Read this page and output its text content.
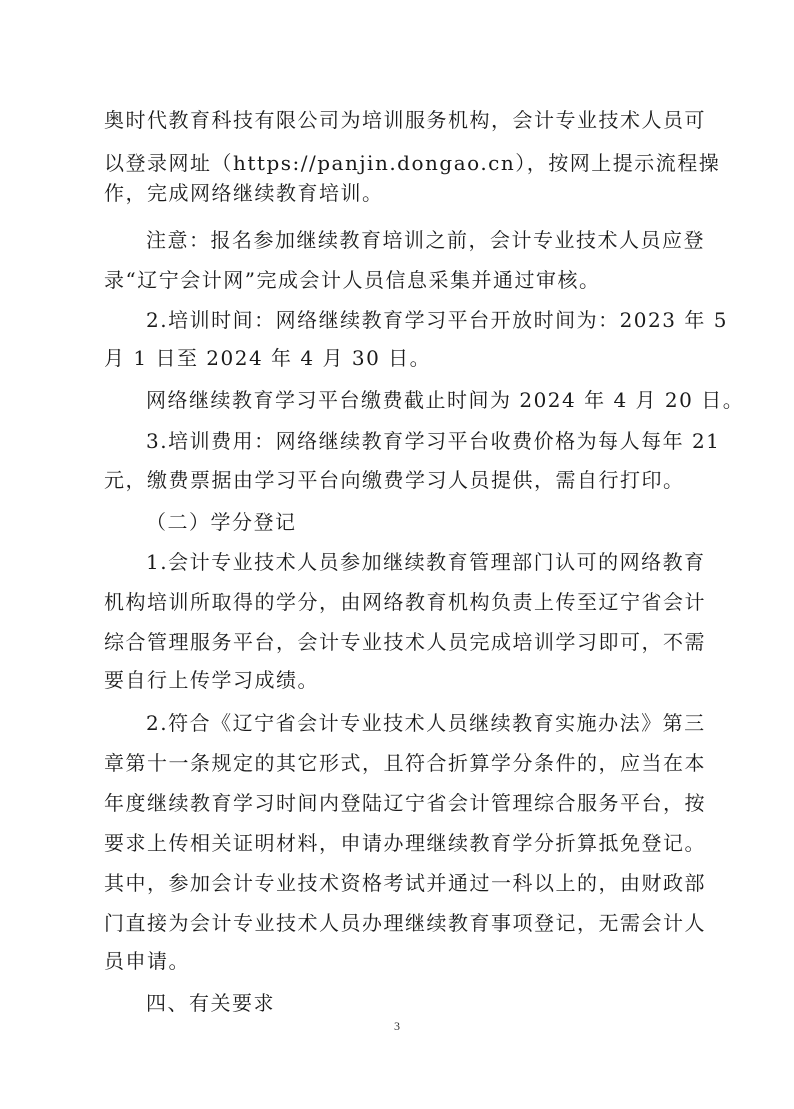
奥时代教育科技有限公司为培训服务机构，会计专业技术人员可
以登录网址（https://panjin.dongao.cn），按网上提示流程操
作，完成网络继续教育培训。
注意：报名参加继续教育培训之前，会计专业技术人员应登
录“辽宁会计网”完成会计人员信息采集并通过审核。
2.培训时间：网络继续教育学习平台开放时间为：2023 年 5
月 1 日至 2024 年 4 月 30 日。
网络继续教育学习平台缴费截止时间为 2024 年 4 月 20 日。
3.培训费用：网络继续教育学习平台收费价格为每人每年 21
元，缴费票据由学习平台向缴费学习人员提供，需自行打印。
（二）学分登记
1.会计专业技术人员参加继续教育管理部门认可的网络教育
机构培训所取得的学分，由网络教育机构负责上传至辽宁省会计
综合管理服务平台，会计专业技术人员完成培训学习即可，不需
要自行上传学习成绩。
2.符合《辽宁省会计专业技术人员继续教育实施办法》第三
章第十一条规定的其它形式，且符合折算学分条件的，应当在本
年度继续教育学习时间内登陆辽宁省会计管理综合服务平台，按
要求上传相关证明材料，申请办理继续教育学分折算抵免登记。
其中，参加会计专业技术资格考试并通过一科以上的，由财政部
门直接为会计专业技术人员办理继续教育事项登记，无需会计人
员申请。
四、有关要求
3
